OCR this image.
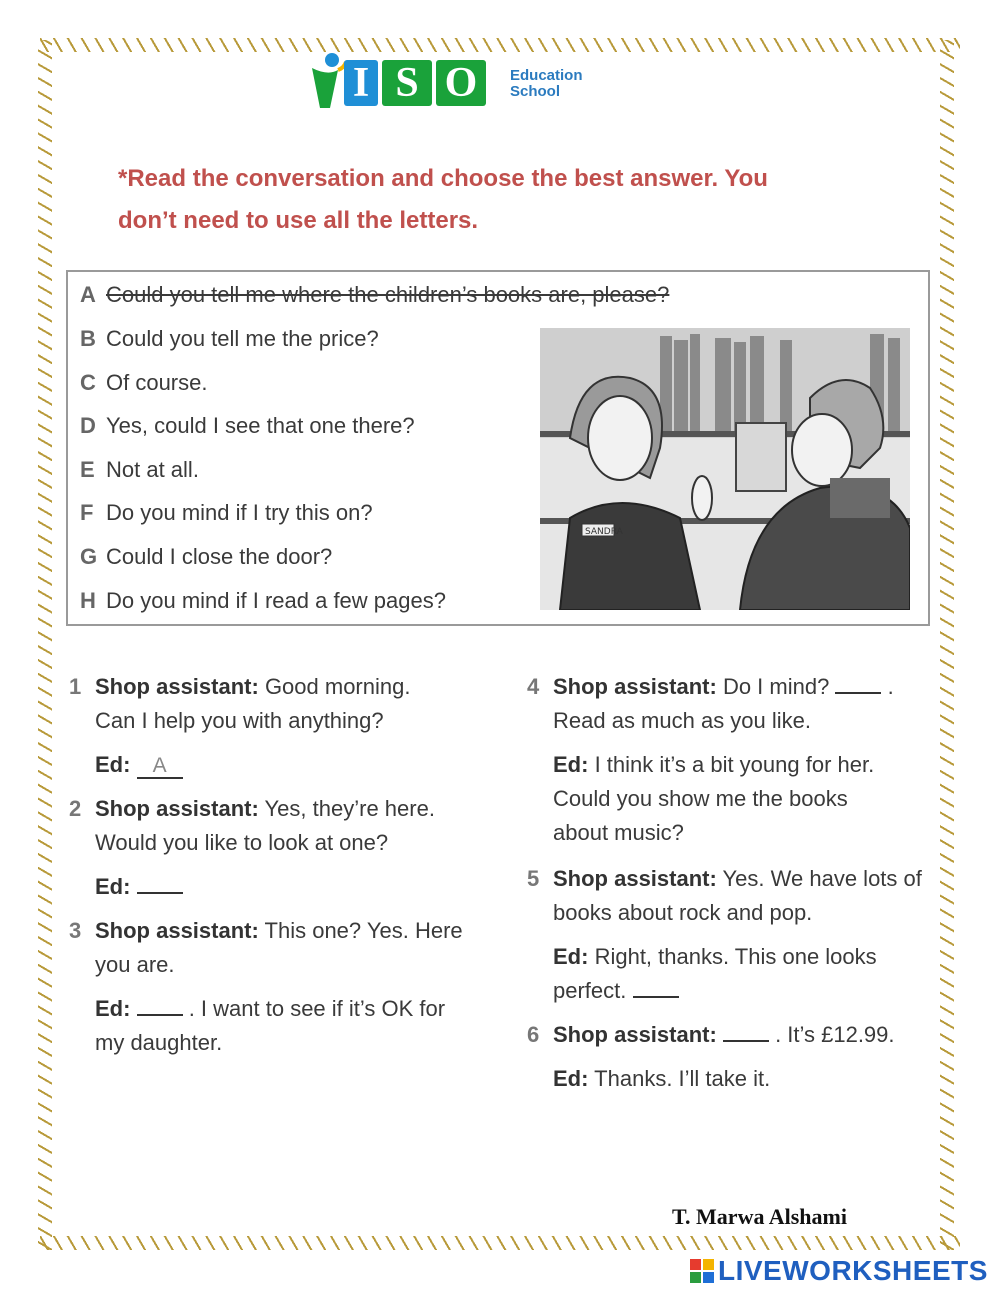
I S O	Education
School
*Read the conversation and choose the best answer. You
don’t need to use all the letters.
A Could you tell me where the children’s books are, please?
B Could you tell me the price?
C Of course.
D Yes, could I see that one there?
E Not at all.
F Do you mind if I try this on?
G Could I close the door?
H Do you mind if I read a few pages?
SANDRA
1 Shop assistant: Good morning.
Can I help you with anything?
Ed: A
2 Shop assistant: Yes, they’re here.
Would you like to look at one?
Ed:
3 Shop assistant: This one? Yes. Here
you are.
Ed:	. I want to see if it’s OK for
my daughter.
4 Shop assistant: Do I mind?	.
Read as much as you like.
Ed: I think it’s a bit young for her.
Could you show me the books
about music?
5 Shop assistant: Yes. We have lots of
books about rock and pop.
Ed: Right, thanks. This one looks
perfect.
6 Shop assistant:	. It’s £12.99.
Ed: Thanks. I’ll take it.
T. Marwa Alshami
LIVEWORKSHEETS
